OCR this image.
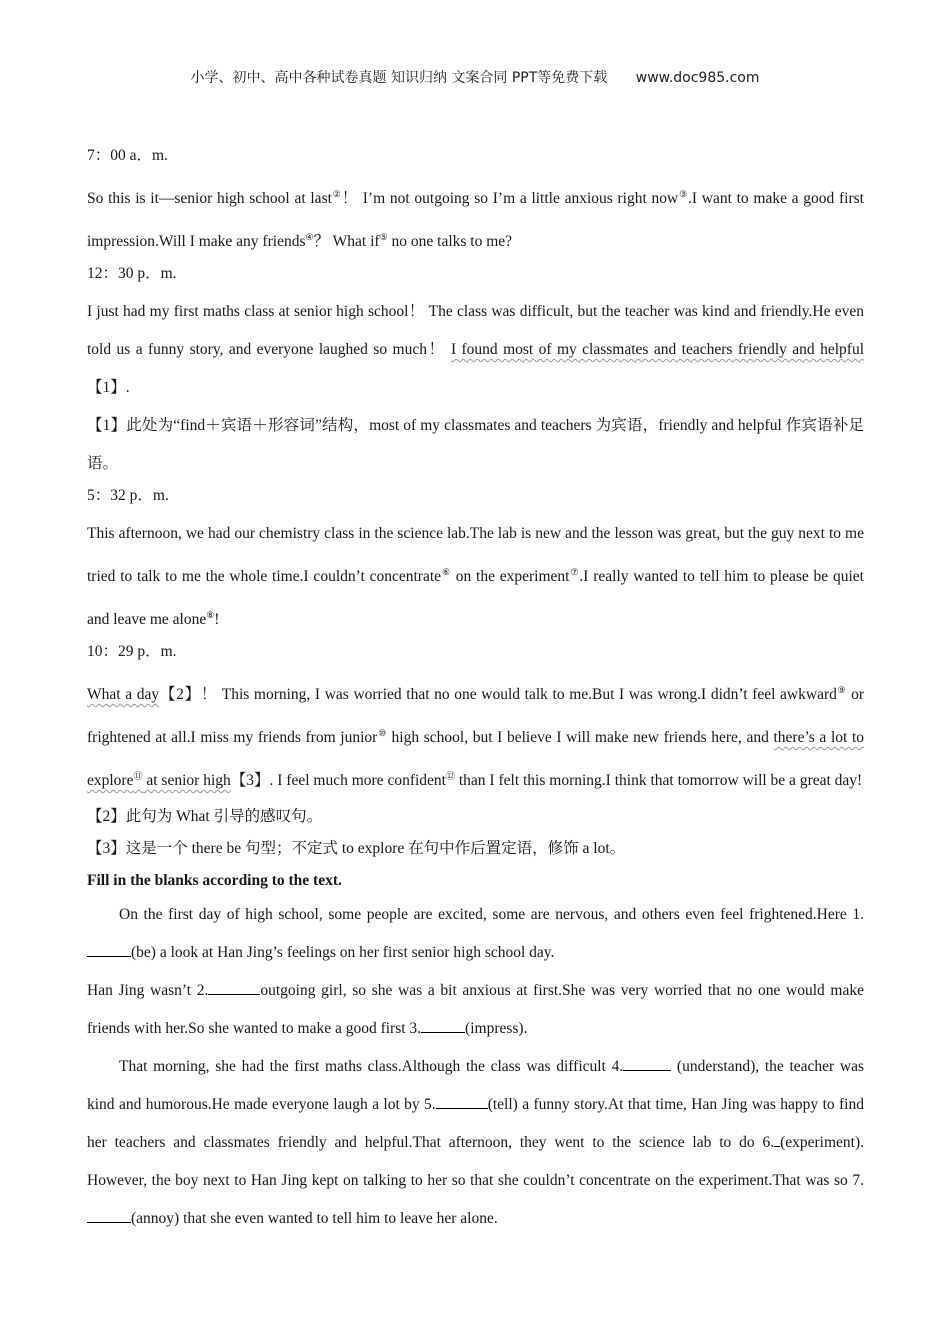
小学、初中、高中各种试卷真题 知识归纳 文案合同 PPT等免费下载 www.doc985.com

7：00 a．m.

So this is it—senior high school at last②！ I’m not outgoing so I’m a little anxious right now③.I want to make a good first impression.Will I make any friends④？ What if⑤ no one talks to me?

12：30 p．m.

I just had my first maths class at senior high school！ The class was difficult, but the teacher was kind and friendly.He even told us a funny story, and everyone laughed so much！ I found most of my classmates and teachers friendly and helpful【1】.

【1】此处为“find＋宾语＋形容词”结构，most of my classmates and teachers 为宾语，friendly and helpful 作宾语补足语。

5：32 p．m.

This afternoon, we had our chemistry class in the science lab.The lab is new and the lesson was great, but the guy next to me tried to talk to me the whole time.I couldn’t concentrate⑥ on the experiment⑦.I really wanted to tell him to please be quiet and leave me alone⑧!

10：29 p．m.

What a day【2】！ This morning, I was worried that no one would talk to me.But I was wrong.I didn’t feel awkward⑨ or frightened at all.I miss my friends from junior⑩ high school, but I believe I will make new friends here, and there’s a lot to explore⑪ at senior high【3】. I feel much more confident⑫ than I felt this morning.I think that tomorrow will be a great day!

【2】此句为 What 引导的感叹句。

【3】这是一个 there be 句型；不定式 to explore 在句中作后置定语，修饰 a lot。

Fill in the blanks according to the text.

On the first day of high school, some people are excited, some are nervous, and others even feel frightened.Here 1.(be) a look at Han Jing’s feelings on her first senior high school day.

Han Jing wasn’t 2.	outgoing girl, so she was a bit anxious at first.She was very worried that no one would make friends with her.So she wanted to make a good first 3.	(impress).

That morning, she had the first maths class.Although the class was difficult 4.	(understand), the teacher was kind and humorous.He made everyone laugh a lot by 5.	(tell) a funny story.At that time, Han Jing was happy to find her teachers and classmates friendly and helpful.That afternoon, they went to the science lab to do 6. (experiment). However, the boy next to Han Jing kept on talking to her so that she couldn’t concentrate on the experiment.That was so 7.(annoy) that she even wanted to tell him to leave her alone.
